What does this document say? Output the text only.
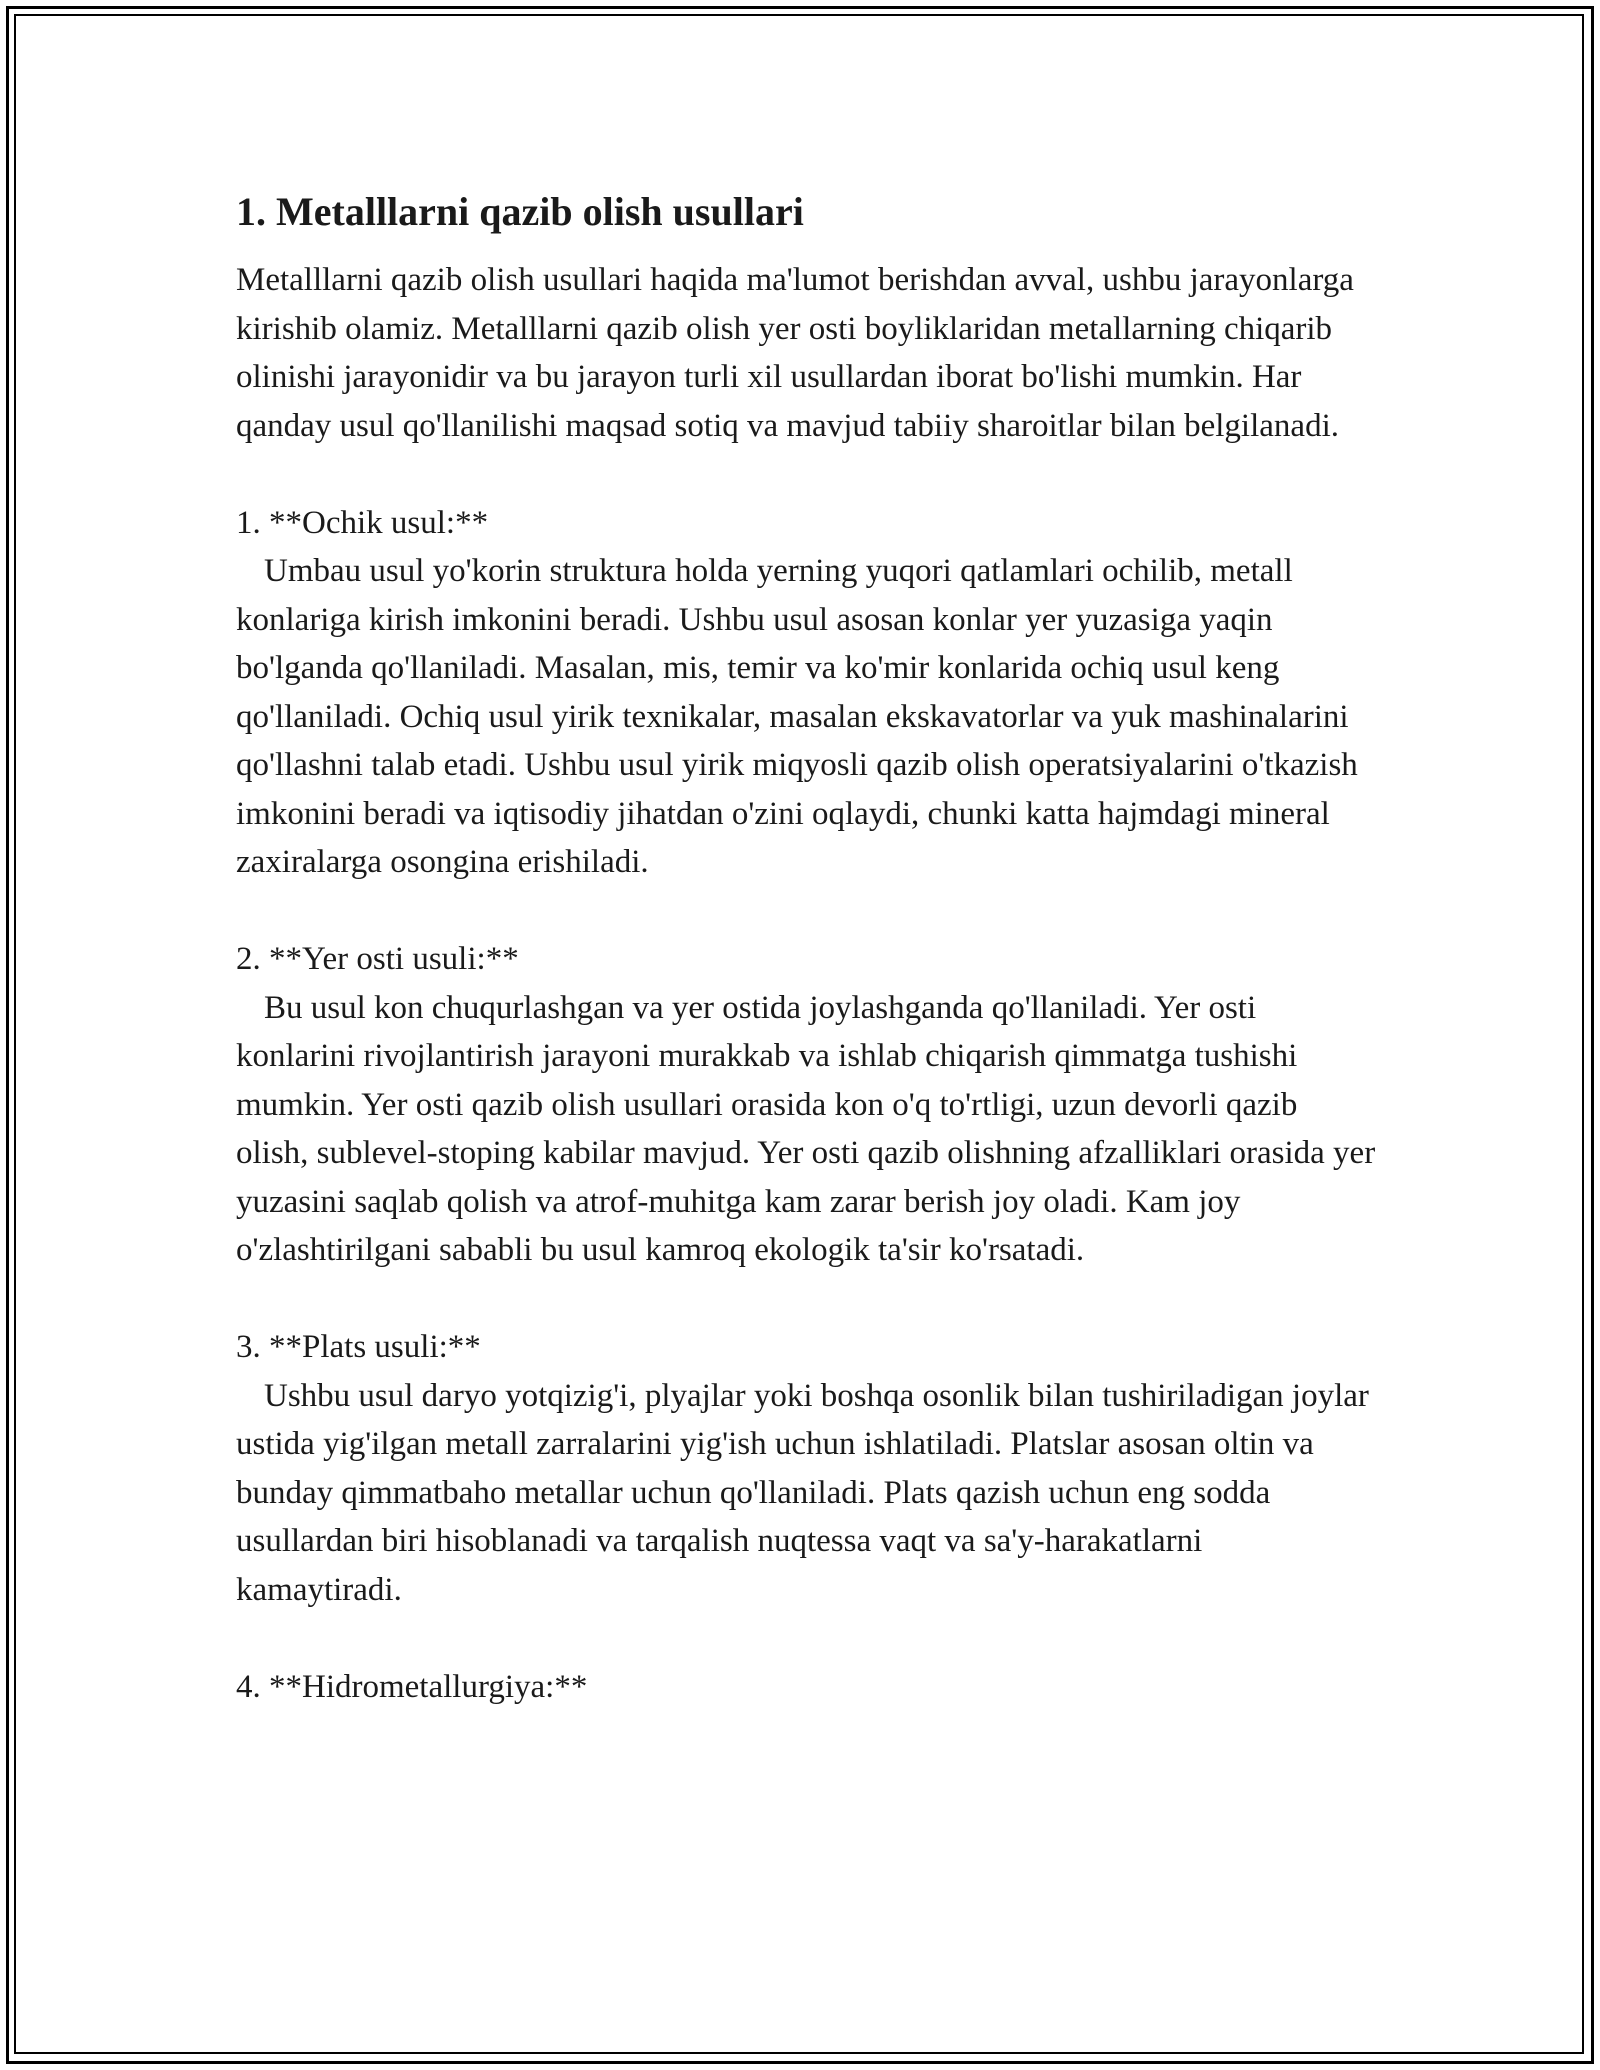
1. Metalllarni qazib olish usullari

Metalllarni qazib olish usullari haqida ma'lumot berishdan avval, ushbu jarayonlarga kirishib olamiz. Metalllarni qazib olish yer osti boyliklaridan metallarning chiqarib olinishi jarayonidir va bu jarayon turli xil usullardan iborat bo'lishi mumkin. Har qanday usul qo'llanilishi maqsad sotiq va mavjud tabiiy sharoitlar bilan belgilanadi.

1. **Ochik usul:**

Umbau usul yo'korin struktura holda yerning yuqori qatlamlari ochilib, metall konlariga kirish imkonini beradi. Ushbu usul asosan konlar yer yuzasiga yaqin bo'lganda qo'llaniladi. Masalan, mis, temir va ko'mir konlarida ochiq usul keng qo'llaniladi. Ochiq usul yirik texnikalar, masalan ekskavatorlar va yuk mashinalarini qo'llashni talab etadi. Ushbu usul yirik miqyosli qazib olish operatsiyalarini o'tkazish imkonini beradi va iqtisodiy jihatdan o'zini oqlaydi, chunki katta hajmdagi mineral zaxiralarga osongina erishiladi.

2. **Yer osti usuli:**

Bu usul kon chuqurlashgan va yer ostida joylashganda qo'llaniladi. Yer osti konlarini rivojlantirish jarayoni murakkab va ishlab chiqarish qimmatga tushishi mumkin. Yer osti qazib olish usullari orasida kon o'q to'rtligi, uzun devorli qazib olish, sublevel-stoping kabilar mavjud. Yer osti qazib olishning afzalliklari orasida yer yuzasini saqlab qolish va atrof-muhitga kam zarar berish joy oladi. Kam joy o'zlashtirilgani sababli bu usul kamroq ekologik ta'sir ko'rsatadi.

3. **Plats usuli:**

Ushbu usul daryo yotqizig'i, plyajlar yoki boshqa osonlik bilan tushiriladigan joylar ustida yig'ilgan metall zarralarini yig'ish uchun ishlatiladi. Platslar asosan oltin va bunday qimmatbaho metallar uchun qo'llaniladi. Plats qazish uchun eng sodda usullardan biri hisoblanadi va tarqalish nuqtessa vaqt va sa'y-harakatlarni kamaytiradi.

4. **Hidrometallurgiya:**
